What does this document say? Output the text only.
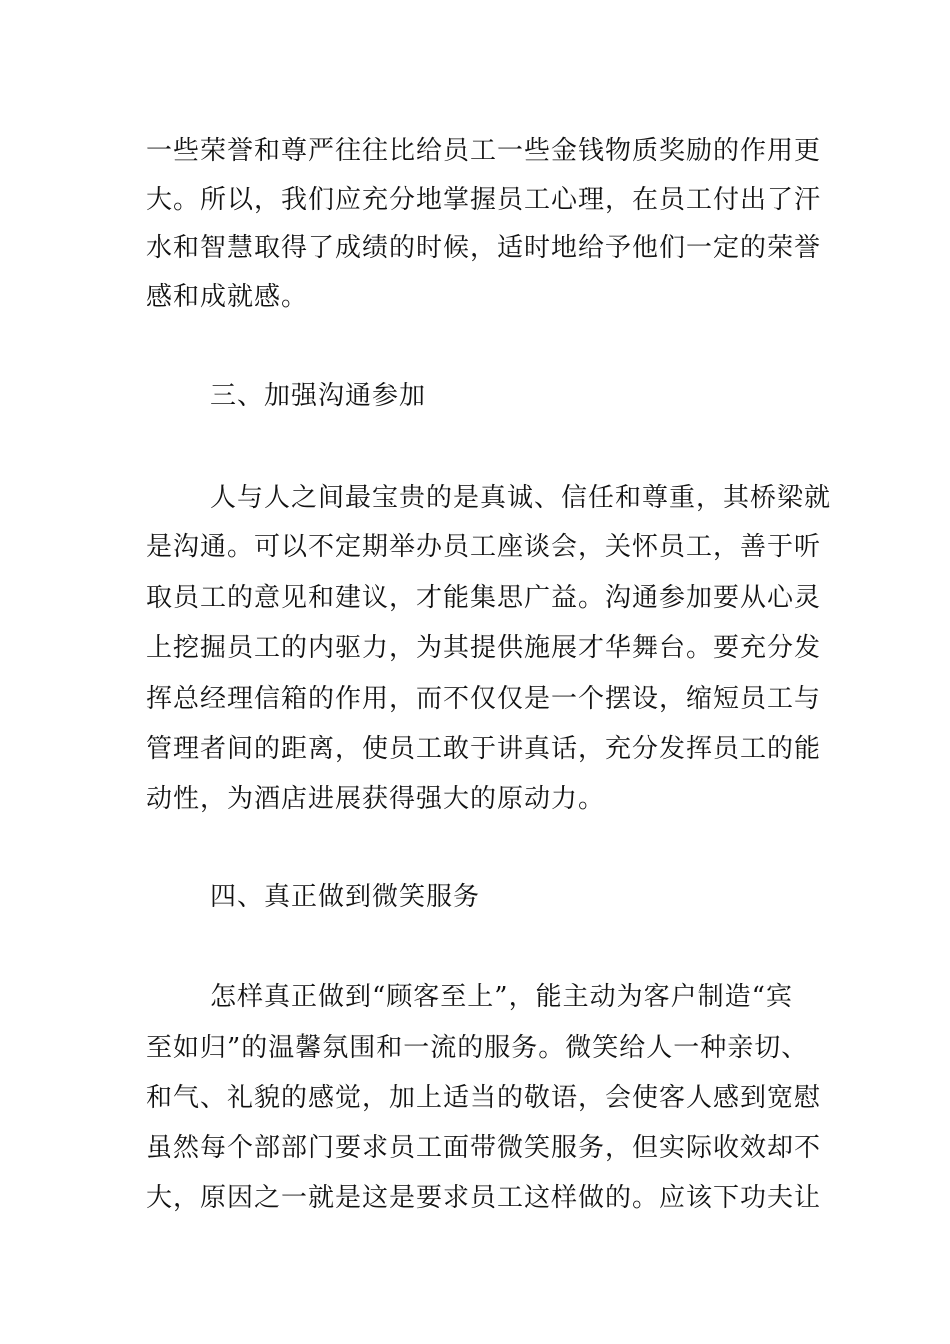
一些荣誉和尊严往往比给员工一些金钱物质奖励的作用更
大。所以，我们应充分地掌握员工心理，在员工付出了汗
水和智慧取得了成绩的时候，适时地给予他们一定的荣誉
感和成就感。
三、加强沟通参加
人与人之间最宝贵的是真诚、信任和尊重，其桥梁就
是沟通。可以不定期举办员工座谈会，关怀员工，善于听
取员工的意见和建议，才能集思广益。沟通参加要从心灵
上挖掘员工的内驱力，为其提供施展才华舞台。要充分发
挥总经理信箱的作用，而不仅仅是一个摆设，缩短员工与
管理者间的距离，使员工敢于讲真话，充分发挥员工的能
动性，为酒店进展获得强大的原动力。
四、真正做到微笑服务
怎样真正做到“顾客至上”，能主动为客户制造“宾
至如归”的温馨氛围和一流的服务。微笑给人一种亲切、
和气、礼貌的感觉，加上适当的敬语，会使客人感到宽慰
虽然每个部部门要求员工面带微笑服务，但实际收效却不
大，原因之一就是这是要求员工这样做的。应该下功夫让
